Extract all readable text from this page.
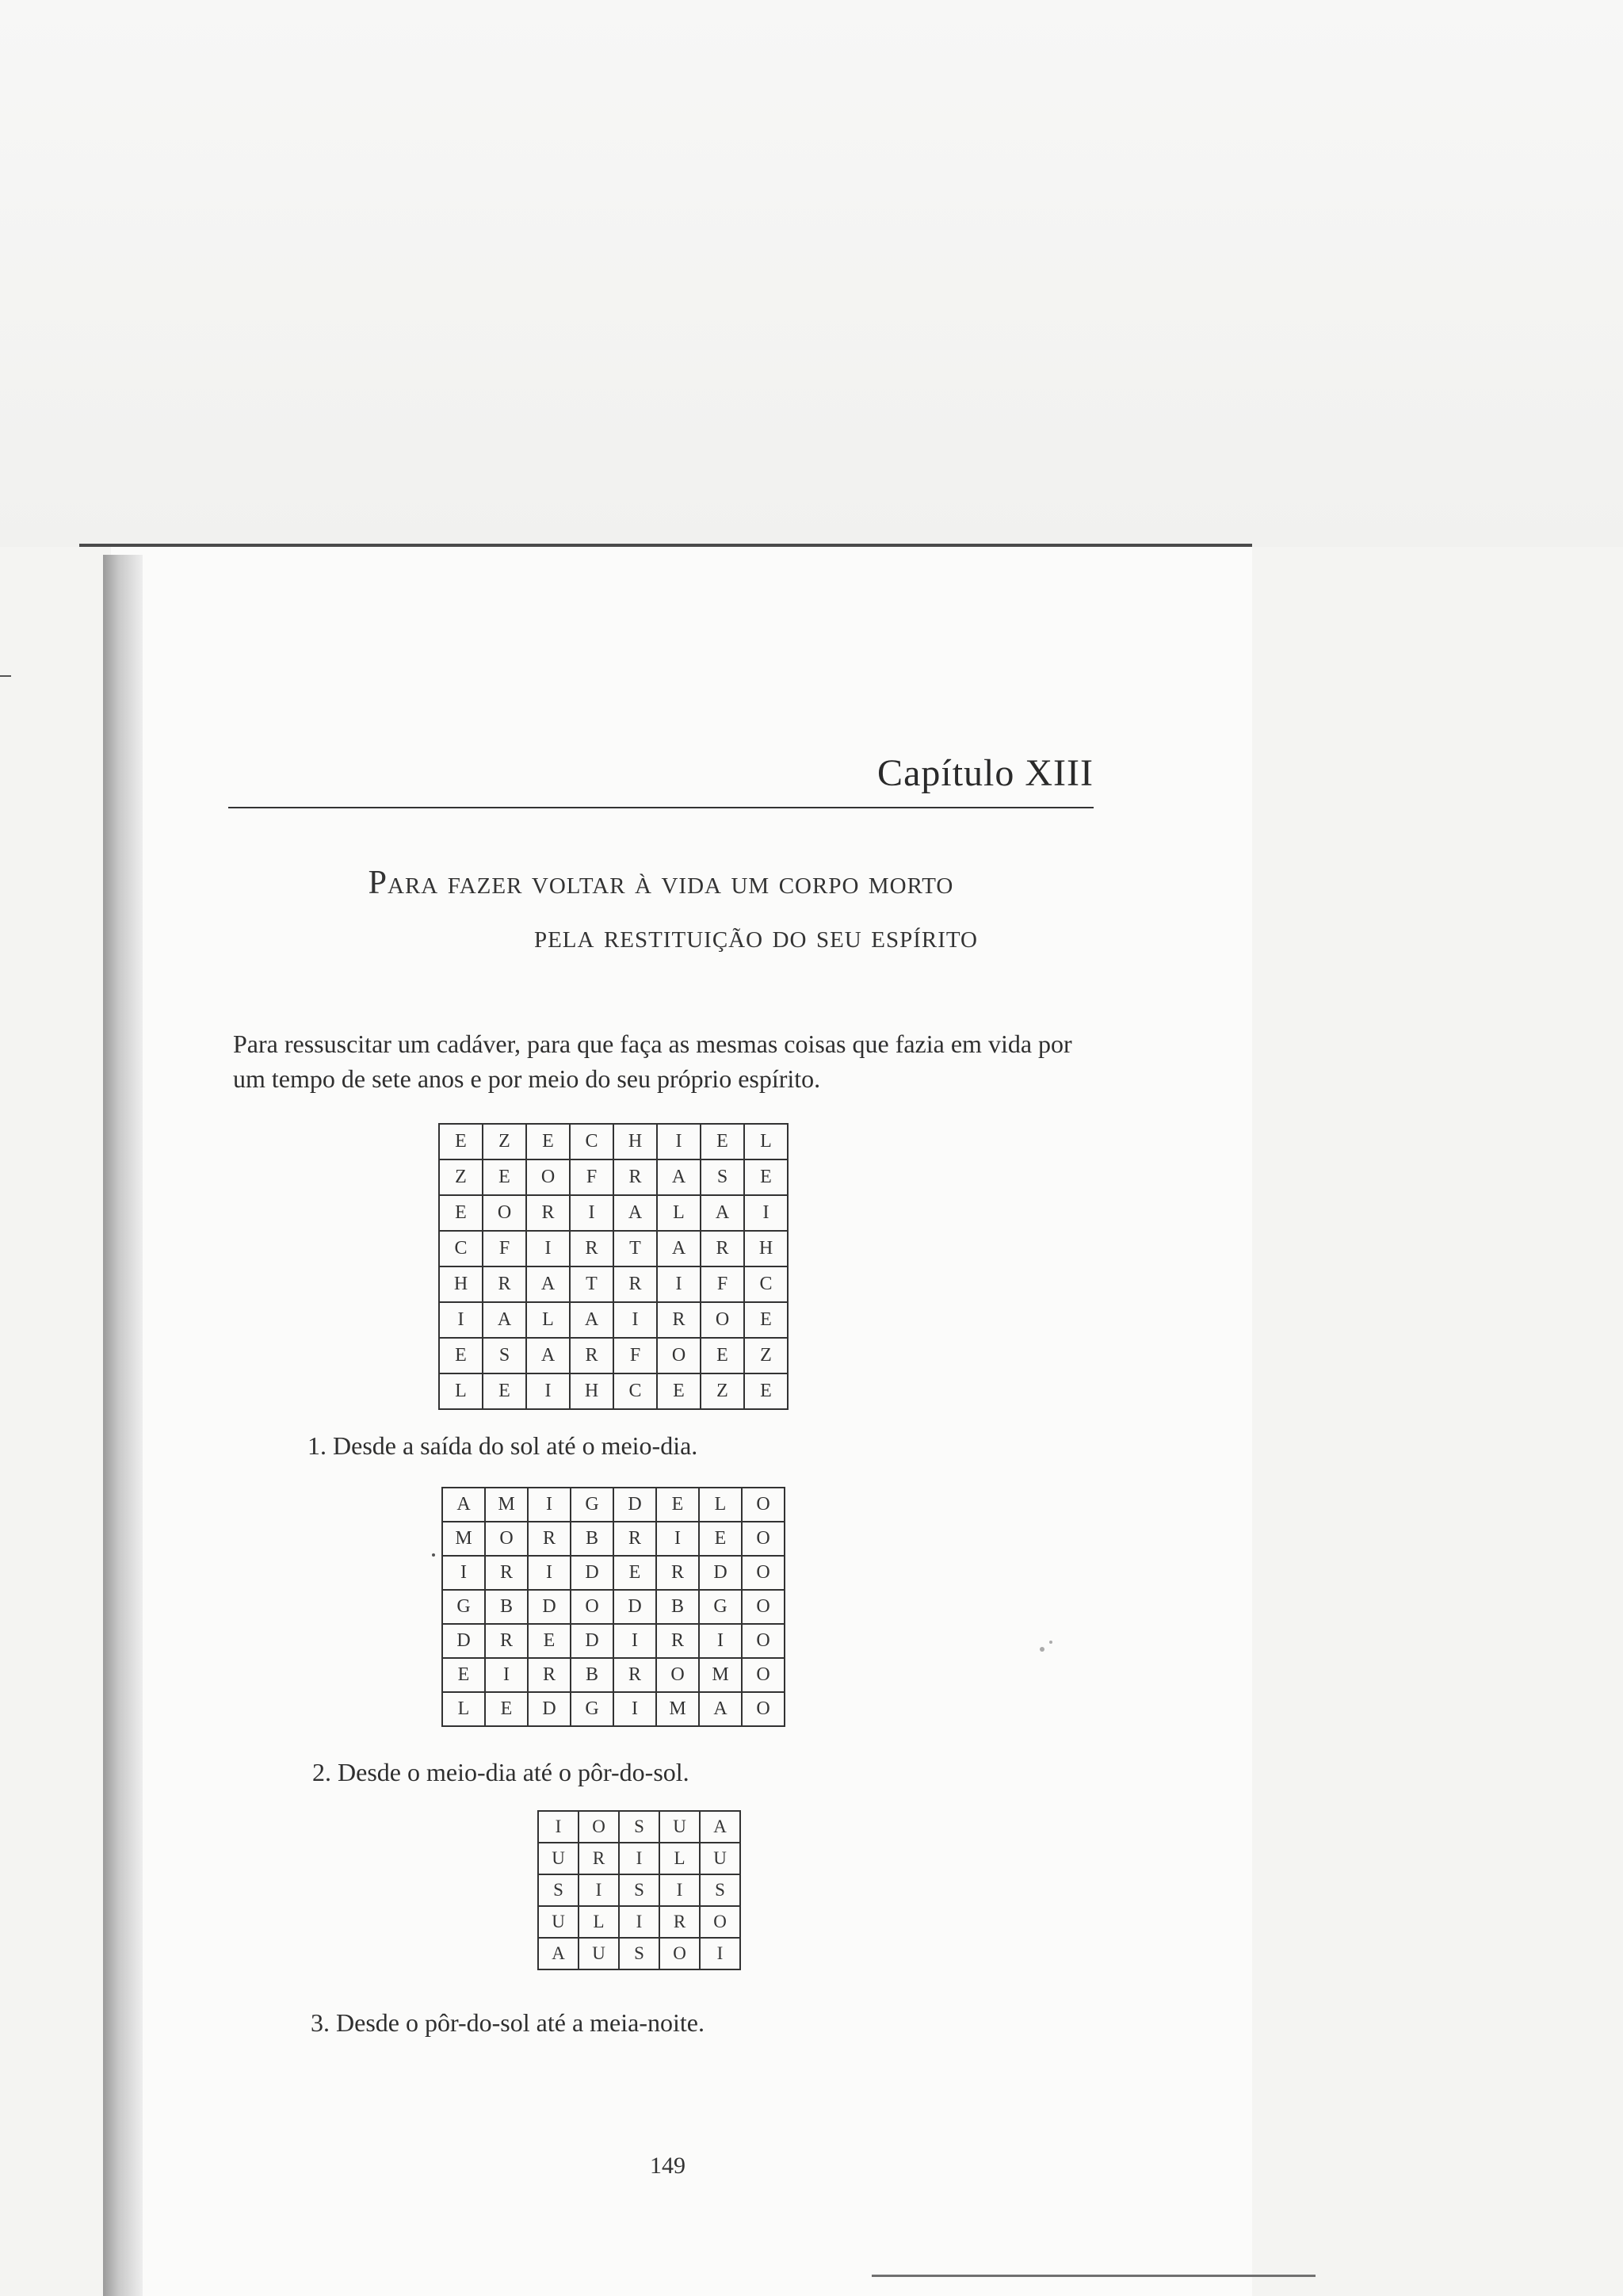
Capítulo XIII
Para fazer voltar à vida um corpo morto
pela restituição do seu espírito
Para ressuscitar um cadáver, para que faça as mesmas coisas que fazia em vida por um tempo de sete anos e por meio do seu próprio espírito.
E	Z	E	C	H	I	E	L
Z	E	O	F	R	A	S	E
E	O	R	I	A	L	A	I
C	F	I	R	T	A	R	H
H	R	A	T	R	I	F	C
I	A	L	A	I	R	O	E
E	S	A	R	F	O	E	Z
L	E	I	H	C	E	Z	E
1. Desde a saída do sol até o meio-dia.
A	M	I	G	D	E	L	O
M	O	R	B	R	I	E	O
I	R	I	D	E	R	D	O
G	B	D	O	D	B	G	O
D	R	E	D	I	R	I	O
E	I	R	B	R	O	M	O
L	E	D	G	I	M	A	O
2. Desde o meio-dia até o pôr-do-sol.
I	O	S	U	A
U	R	I	L	U
S	I	S	I	S
U	L	I	R	O
A	U	S	O	I
3. Desde o pôr-do-sol até a meia-noite.
149
